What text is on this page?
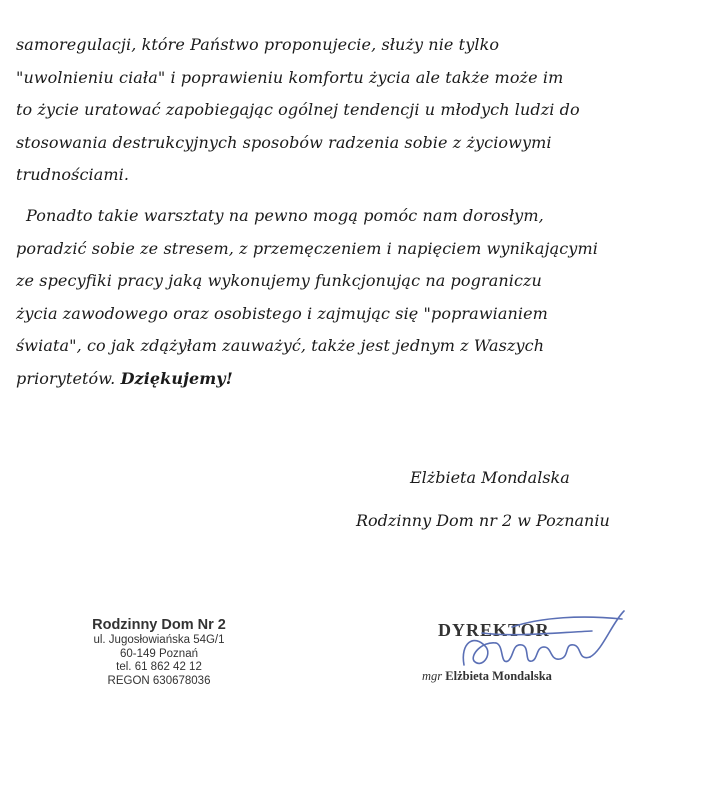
samoregulacji, które Państwo proponujecie, służy nie tylko
"uwolnieniu ciała" i poprawieniu komfortu życia ale także może im
to życie uratować zapobiegając ogólnej tendencji u młodych ludzi do
stosowania destrukcyjnych sposobów radzenia sobie z życiowymi
trudnościami.
Ponadto takie warsztaty na pewno mogą pomóc nam dorosłym,
poradzić sobie ze stresem, z przemęczeniem i napięciem wynikającymi
ze specyfiki pracy jaką wykonujemy funkcjonując na pograniczu
życia zawodowego oraz osobistego i zajmując się "poprawianiem
świata", co jak zdążyłam zauważyć, także jest jednym z Waszych
priorytetów. Dziękujemy!
Elżbieta Mondalska
Rodzinny Dom nr 2 w Poznaniu
Rodzinny Dom Nr 2
ul. Jugosłowiańska 54G/1
60-149 Poznań
tel. 61 862 42 12
REGON 630678036
DYREKTOR
mgr Elżbieta Mondalska
